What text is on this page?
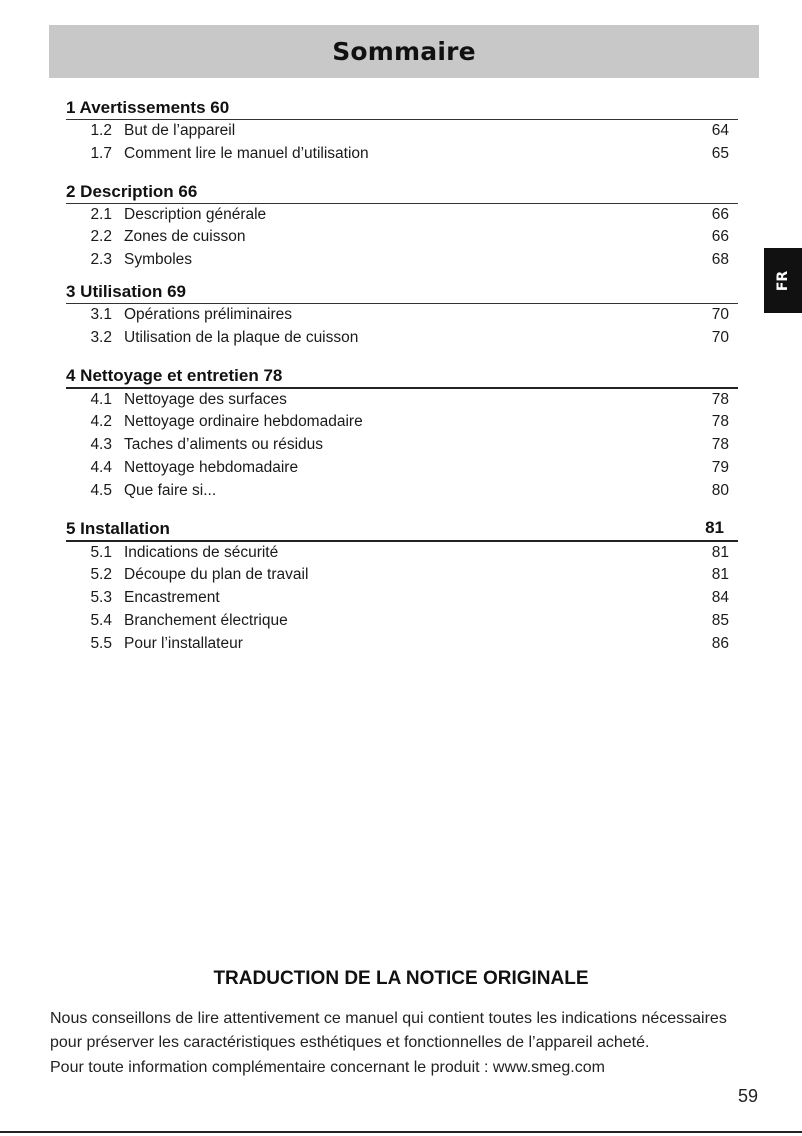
Sommaire
FR
1 Avertissements 60
1.2 But de l’appareil	64
1.7 Comment lire le manuel d’utilisation	65
2 Description 66
2.1 Description générale	66
2.2 Zones de cuisson	66
2.3 Symboles	68
3 Utilisation 69
3.1 Opérations préliminaires	70
3.2 Utilisation de la plaque de cuisson	70
4 Nettoyage et entretien 78
4.1 Nettoyage des surfaces	78
4.2 Nettoyage ordinaire hebdomadaire	78
4.3 Taches d’aliments ou résidus	78
4.4 Nettoyage hebdomadaire	79
4.5 Que faire si...	80
5 Installation	81
5.1 Indications de sécurité	81
5.2 Découpe du plan de travail	81
5.3 Encastrement	84
5.4 Branchement électrique	85
5.5 Pour l’installateur	86
TRADUCTION DE LA NOTICE ORIGINALE

Nous conseillons de lire attentivement ce manuel qui contient toutes les indications nécessaires

pour préserver les caractéristiques esthétiques et fonctionnelles de l’appareil acheté.

Pour toute information complémentaire concernant le produit : www.smeg.com

59
